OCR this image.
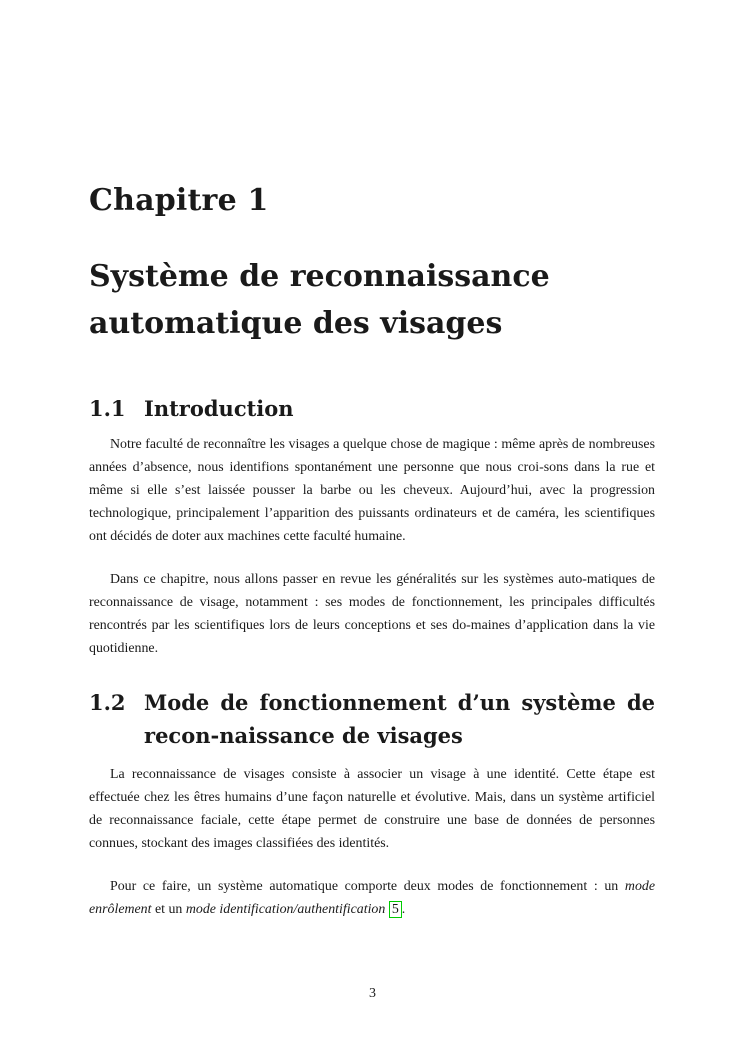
Chapitre 1
Système de reconnaissance
automatique des visages
1.1 Introduction

Notre faculté de reconnaître les visages a quelque chose de magique : même après de nombreuses années d’absence, nous identifions spontanément une personne que nous croi-sons dans la rue et même si elle s’est laissée pousser la barbe ou les cheveux. Aujourd’hui, avec la progression technologique, principalement l’apparition des puissants ordinateurs et de caméra, les scientifiques ont décidés de doter aux machines cette faculté humaine.

Dans ce chapitre, nous allons passer en revue les généralités sur les systèmes auto-matiques de reconnaissance de visage, notamment : ses modes de fonctionnement, les principales difficultés rencontrés par les scientifiques lors de leurs conceptions et ses do-maines d’application dans la vie quotidienne.

1.2 Mode de fonctionnement d’un système de recon-naissance de visages

La reconnaissance de visages consiste à associer un visage à une identité. Cette étape est effectuée chez les êtres humains d’une façon naturelle et évolutive. Mais, dans un système artificiel de reconnaissance faciale, cette étape permet de construire une base de données de personnes connues, stockant des images classifiées des identités.

Pour ce faire, un système automatique comporte deux modes de fonctionnement : un mode enrôlement et un mode identification/authentification 5 .

3
